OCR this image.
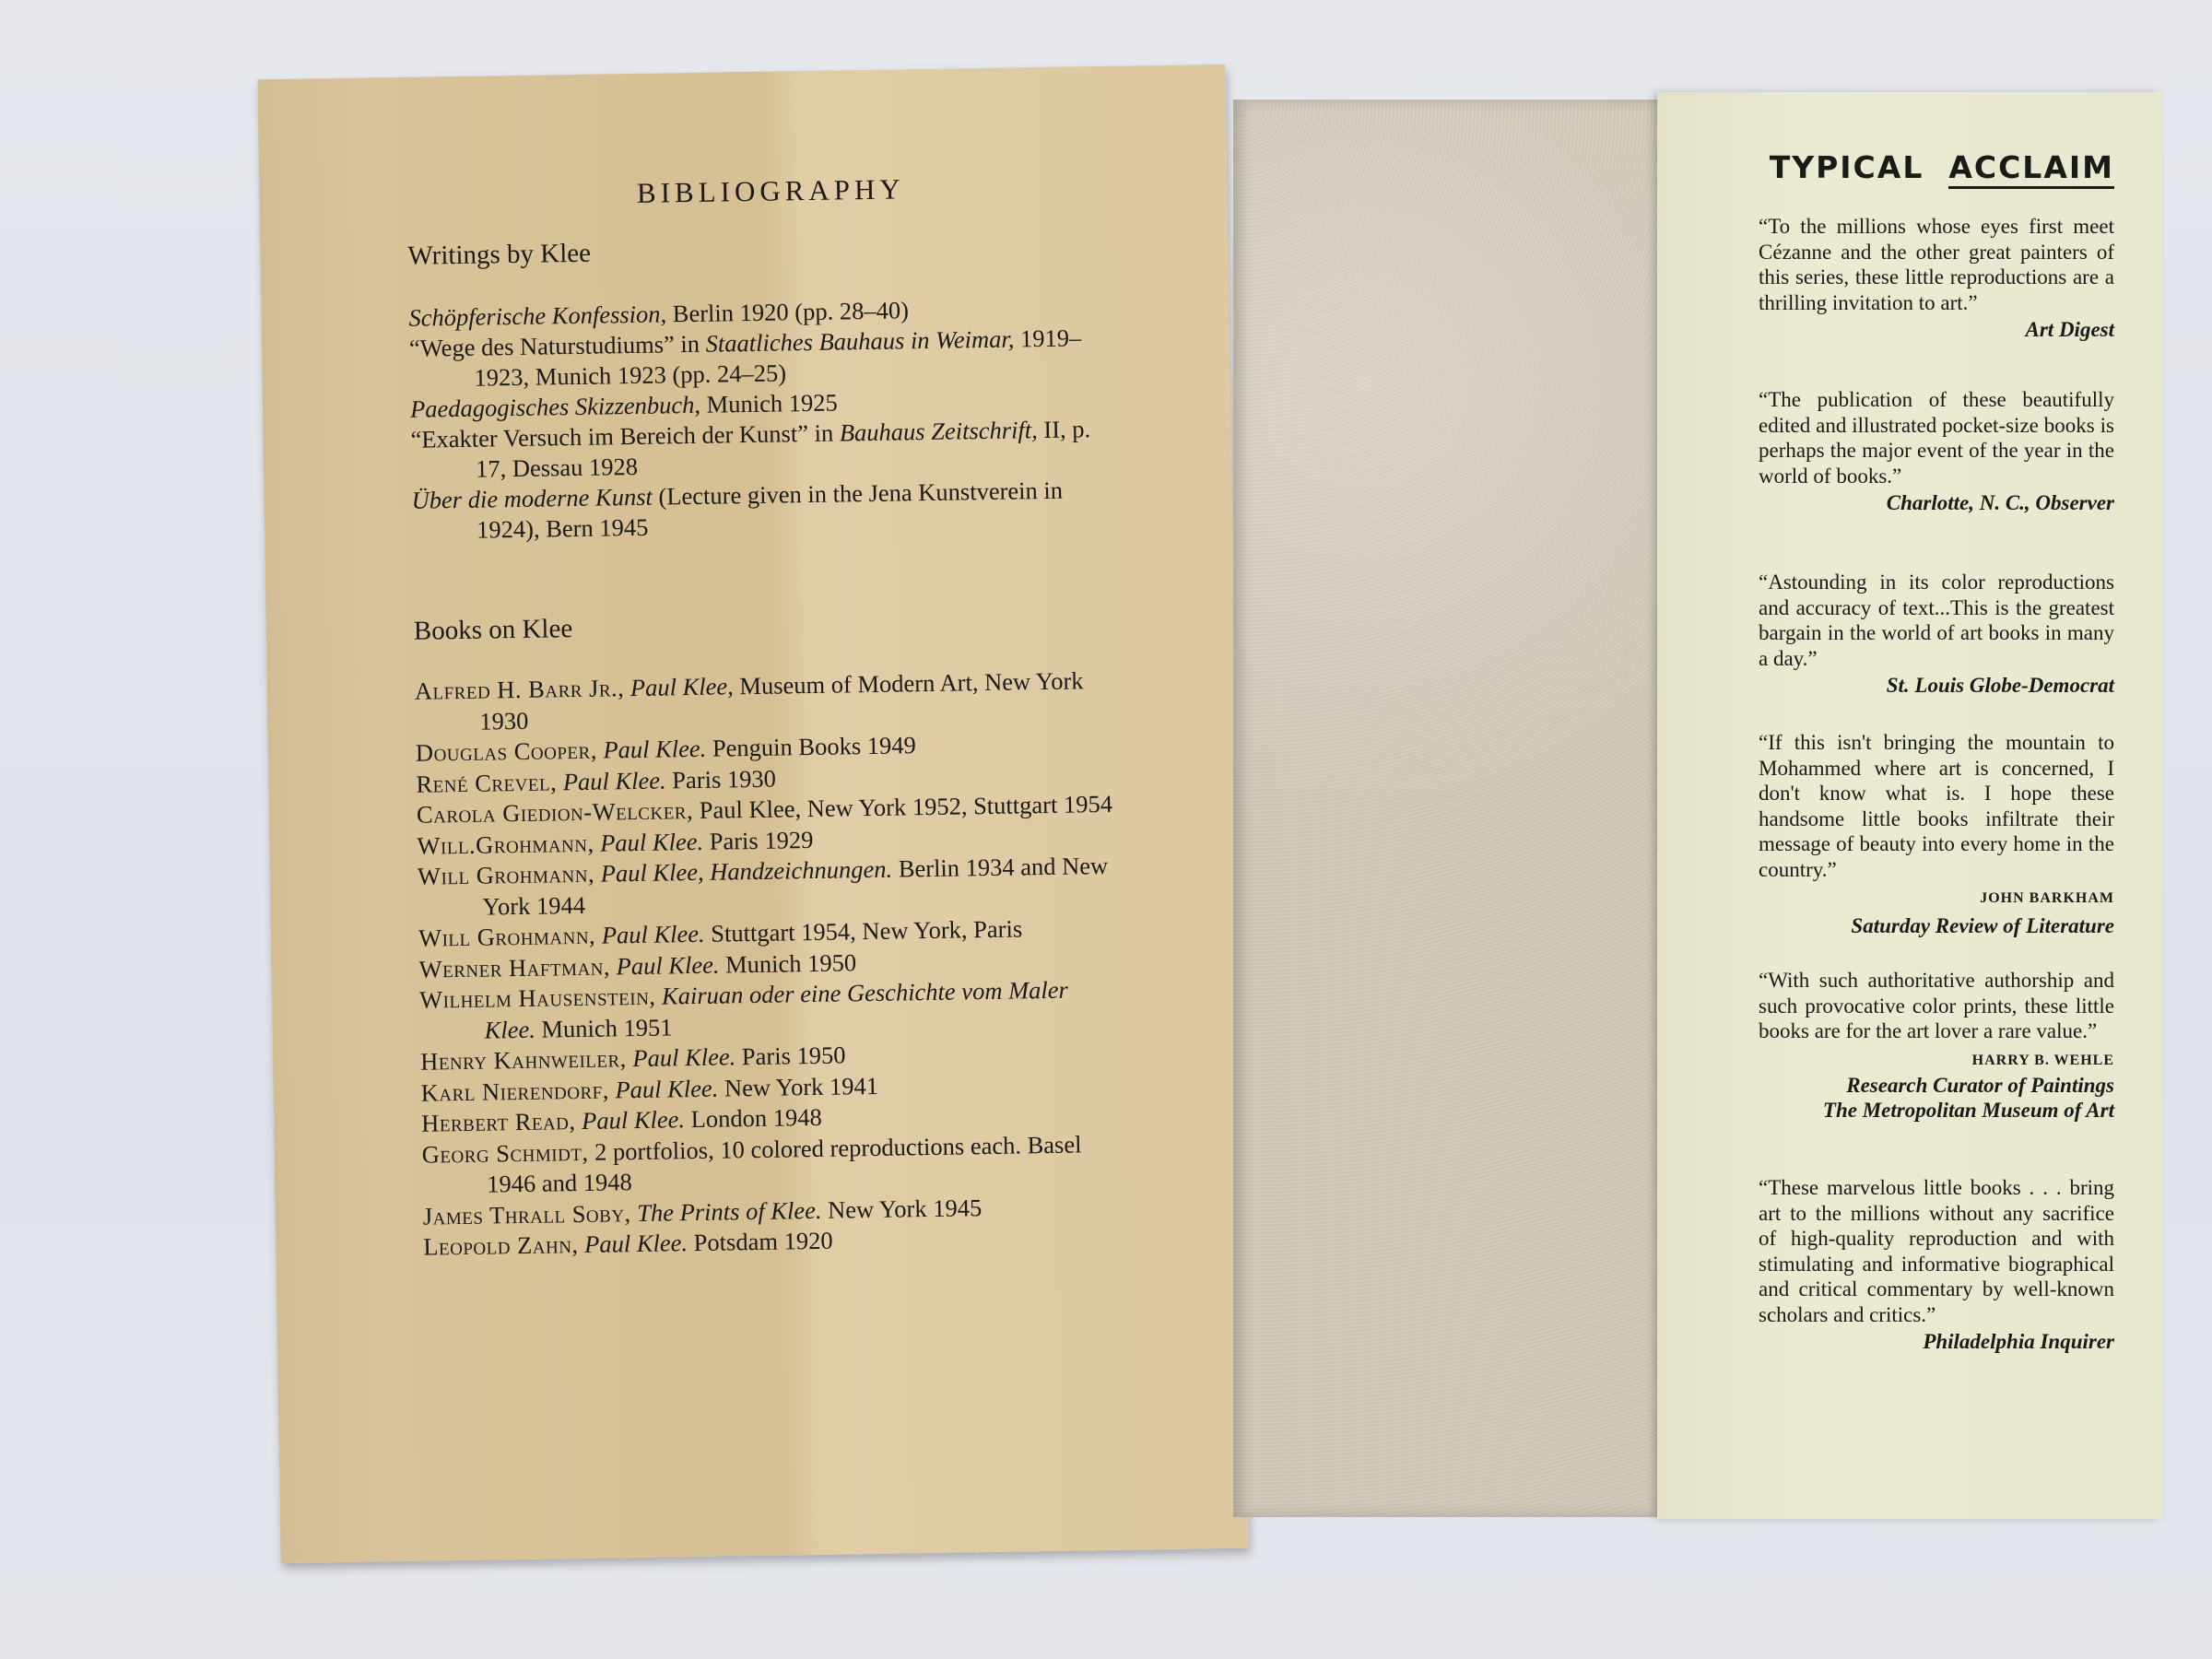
BIBLIOGRAPHY
Writings by Klee

Schöpferische Konfession, Berlin 1920 (pp. 28–40)

“Wege des Naturstudiums” in Staatliches Bauhaus in Weimar, 1919–1923, Munich 1923 (pp. 24–25)

Paedagogisches Skizzenbuch, Munich 1925

“Exakter Versuch im Bereich der Kunst” in Bauhaus Zeitschrift, II, p. 17, Dessau 1928

Über die moderne Kunst (Lecture given in the Jena Kunstverein in 1924), Bern 1945

Books on Klee

Alfred H. Barr Jr., Paul Klee, Museum of Modern Art, New York 1930

Douglas Cooper, Paul Klee. Penguin Books 1949

René Crevel, Paul Klee. Paris 1930

Carola Giedion-Welcker, Paul Klee, New York 1952, Stuttgart 1954

Will.Grohmann, Paul Klee. Paris 1929

Will Grohmann, Paul Klee, Handzeichnungen. Berlin 1934 and New York 1944

Will Grohmann, Paul Klee. Stuttgart 1954, New York, Paris

Werner Haftman, Paul Klee. Munich 1950

Wilhelm Hausenstein, Kairuan oder eine Geschichte vom Maler Klee. Munich 1951

Henry Kahnweiler, Paul Klee. Paris 1950

Karl Nierendorf, Paul Klee. New York 1941

Herbert Read, Paul Klee. London 1948

Georg Schmidt, 2 portfolios, 10 colored reproductions each. Basel 1946 and 1948

James Thrall Soby, The Prints of Klee. New York 1945

Leopold Zahn, Paul Klee. Potsdam 1920

TYPICAL ACCLAIM
“To the millions whose eyes first meet Cézanne and the other great painters of this series, these little reproductions are a thrilling invitation to art.”
Art Digest
“The publication of these beautifully edited and illustrated pocket-size books is perhaps the major event of the year in the world of books.”
Charlotte, N. C., Observer
“Astounding in its color reproductions and accuracy of text...This is the greatest bargain in the world of art books in many a day.”
St. Louis Globe-Democrat
“If this isn't bringing the mountain to Mohammed where art is concerned, I don't know what is. I hope these handsome little books infiltrate their message of beauty into every home in the country.”
JOHN BARKHAM
Saturday Review of Literature
“With such authoritative authorship and such provocative color prints, these little books are for the art lover a rare value.”
HARRY B. WEHLE
Research Curator of Paintings
The Metropolitan Museum of Art
“These marvelous little books . . . bring art to the millions without any sacrifice of high-quality reproduction and with stimulating and informative biographical and critical commentary by well-known scholars and critics.”
Philadelphia Inquirer
